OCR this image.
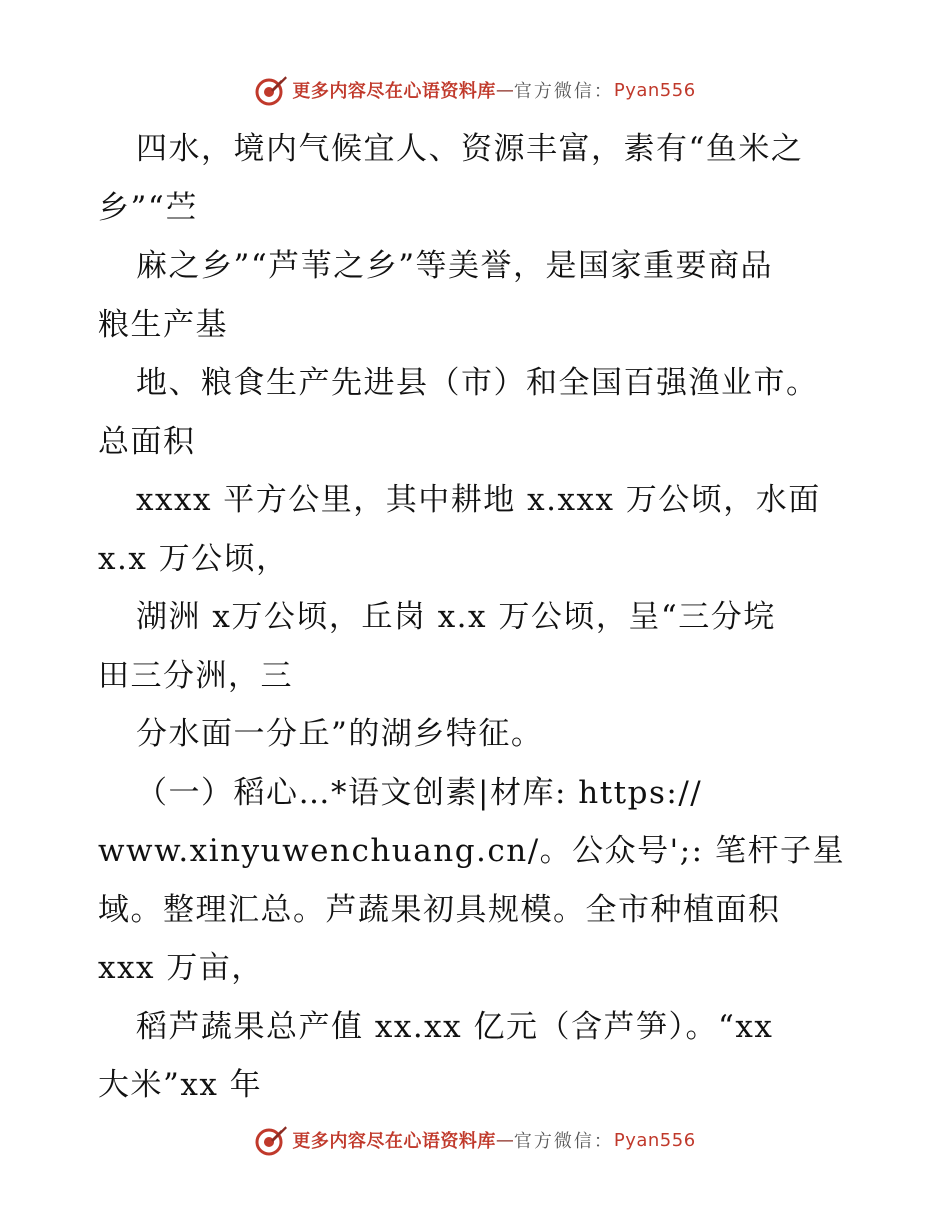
更多内容尽在心语资料库 — 官方微信： Pyan556
四水，境内气候宜人、资源丰富，素有“鱼米之
乡”“苎
麻之乡”“芦苇之乡”等美誉，是国家重要商品
粮生产基
地、粮食生产先进县（市）和全国百强渔业市。
总面积
xxxx 平方公里，其中耕地 x.xxx 万公顷，水面
x.x 万公顷，
湖洲 x万公顷，丘岗 x.x 万公顷，呈“三分垸
田三分洲，三
分水面一分丘”的湖乡特征。
（一）稻心…*语文创素|材库: https://
www.xinyuwenchuang.cn/。公众号';: 笔杆子星
域。整理汇总。芦蔬果初具规模。全市种植面积
xxx 万亩，
稻芦蔬果总产值 xx.xx 亿元（含芦笋）。“xx
大米”xx 年
更多内容尽在心语资料库 — 官方微信： Pyan556
